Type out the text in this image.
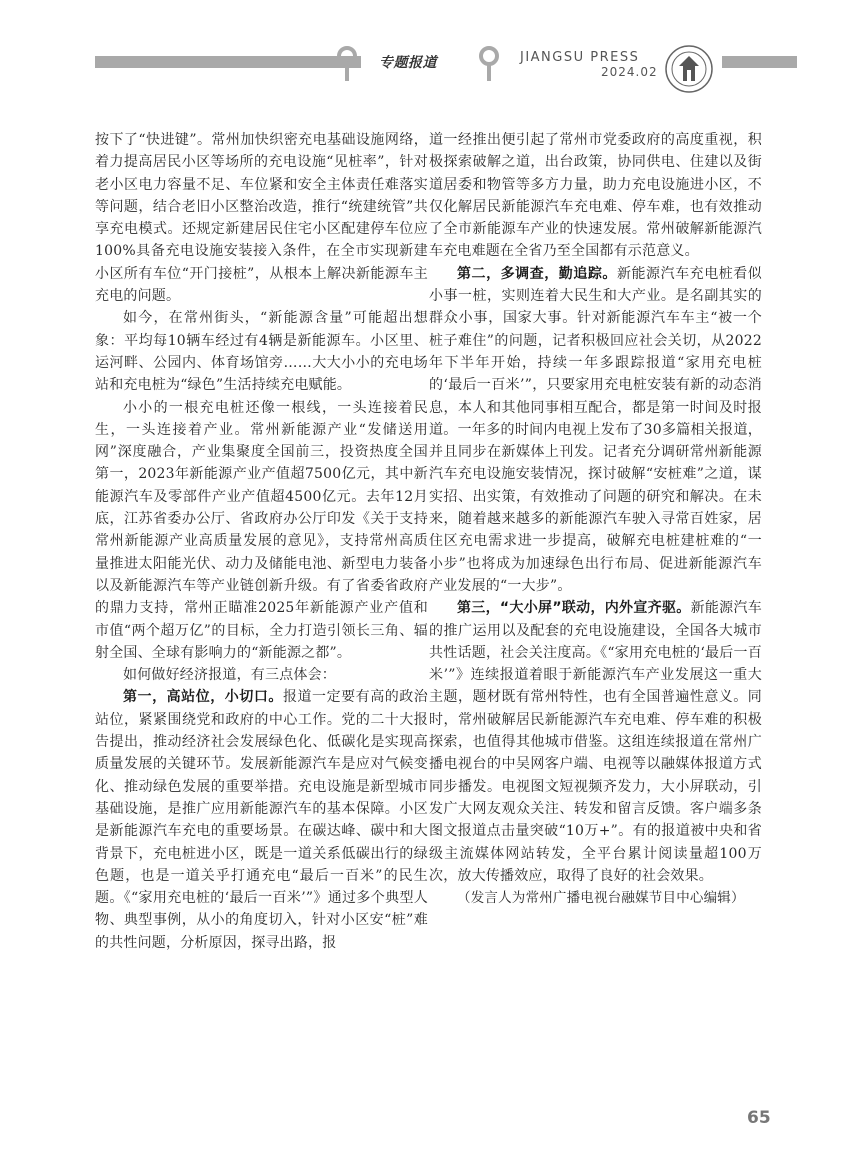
专题报道	JIANGSU PRESS
2024.02

按下了“快进键”。常州加快织密充电基础设施网络，着力提高居民小区等场所的充电设施“见桩率”，针对老小区电力容量不足、车位紧和安全主体责任难落实等问题，结合老旧小区整治改造，推行“统建统管”共享充电模式。还规定新建居民住宅小区配建停车位应100%具备充电设施安装接入条件，在全市实现新建小区所有车位“开门接桩”，从根本上解决新能源车主充电的问题。

如今，在常州街头，“新能源含量”可能超出想象：平均每10辆车经过有4辆是新能源车。小区里、运河畔、公园内、体育场馆旁……大大小小的充电场站和充电桩为“绿色”生活持续充电赋能。

小小的一根充电桩还像一根线，一头连接着民生，一头连接着产业。常州新能源产业“发储送用网”深度融合，产业集聚度全国前三，投资热度全国第一，2023年新能源产业产值超7500亿元，其中新能源汽车及零部件产业产值超4500亿元。去年12月底，江苏省委办公厅、省政府办公厅印发《关于支持常州新能源产业高质量发展的意见》，支持常州高质量推进太阳能光伏、动力及储能电池、新型电力装备以及新能源汽车等产业链创新升级。有了省委省政府的鼎力支持，常州正瞄准2025年新能源产业产值和市值“两个超万亿”的目标，全力打造引领长三角、辐射全国、全球有影响力的“新能源之都”。

如何做好经济报道，有三点体会：

第一，高站位，小切口。报道一定要有高的政治站位，紧紧围绕党和政府的中心工作。党的二十大报告提出，推动经济社会发展绿色化、低碳化是实现高质量发展的关键环节。发展新能源汽车是应对气候变化、推动绿色发展的重要举措。充电设施是新型城市基础设施，是推广应用新能源汽车的基本保障。小区是新能源汽车充电的重要场景。在碳达峰、碳中和大背景下，充电桩进小区，既是一道关系低碳出行的绿色题，也是一道关乎打通充电“最后一百米”的民生题。《“家用充电桩的‘最后一百米’”》通过多个典型人物、典型事例，从小的角度切入，针对小区安“桩”难的共性问题，分析原因，探寻出路，报

道一经推出便引起了常州市党委政府的高度重视，积极探索破解之道，出台政策，协同供电、住建以及街道居委和物管等多方力量，助力充电设施进小区，不仅化解居民新能源汽车充电难、停车难，也有效推动了全市新能源车产业的快速发展。常州破解新能源汽车充电难题在全省乃至全国都有示范意义。

第二，多调查，勤追踪。新能源汽车充电桩看似小事一桩，实则连着大民生和大产业。是名副其实的群众小事，国家大事。针对新能源汽车车主“被一个桩子难住”的问题，记者积极回应社会关切，从2022年下半年开始，持续一年多跟踪报道“家用充电桩的‘最后一百米’”，只要家用充电桩安装有新的动态消息，本人和其他同事相互配合，都是第一时间及时报道。一年多的时间内电视上发布了30多篇相关报道，并且同步在新媒体上刊发。记者充分调研常州新能源汽车充电设施安装情况，探讨破解“安桩难”之道，谋实招、出实策，有效推动了问题的研究和解决。在未来，随着越来越多的新能源汽车驶入寻常百姓家，居住区充电需求进一步提高，破解充电桩建桩难的“一小步”也将成为加速绿色出行布局、促进新能源汽车产业发展的“一大步”。

第三，“大小屏”联动，内外宣齐驱。新能源汽车的推广运用以及配套的充电设施建设，全国各大城市共性话题，社会关注度高。《“家用充电桩的‘最后一百米’”》连续报道着眼于新能源汽车产业发展这一重大主题，题材既有常州特性，也有全国普遍性意义。同时，常州破解居民新能源汽车充电难、停车难的积极探索，也值得其他城市借鉴。这组连续报道在常州广播电视台的中吴网客户端、电视等以融媒体报道方式同步播发。电视图文短视频齐发力，大小屏联动，引发广大网友观众关注、转发和留言反馈。客户端多条图文报道点击量突破“10万+”。有的报道被中央和省级主流媒体网站转发，全平台累计阅读量超100万次，放大传播效应，取得了良好的社会效果。

（发言人为常州广播电视台融媒节目中心编辑）

65
